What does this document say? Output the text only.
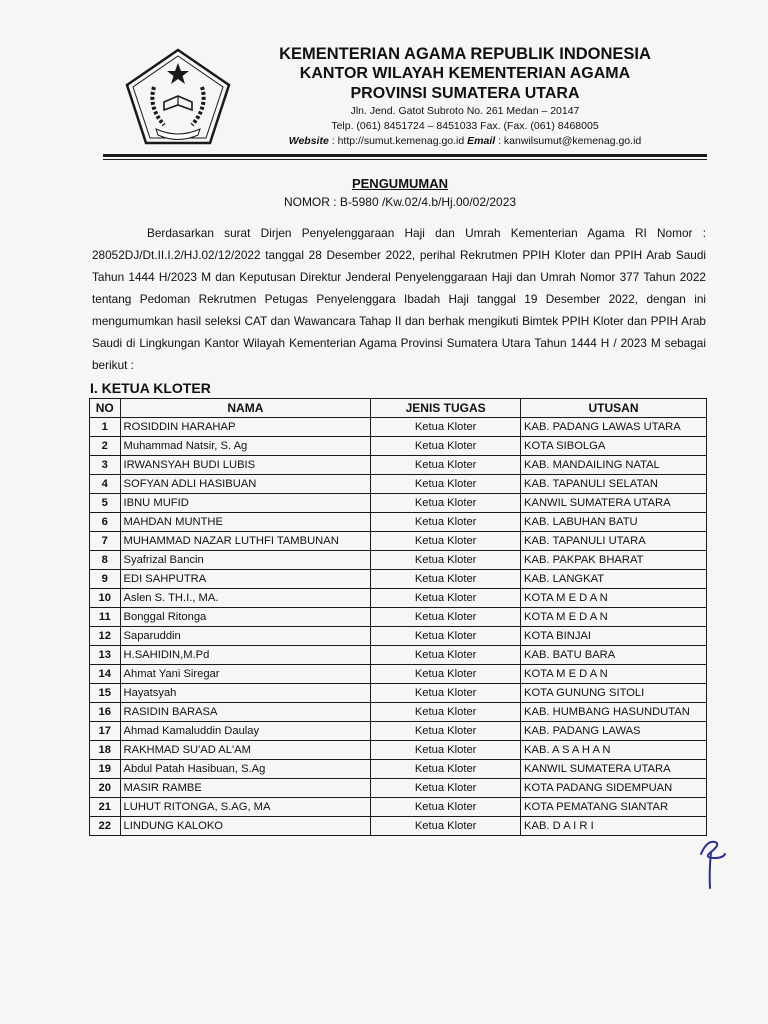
KEMENTERIAN AGAMA REPUBLIK INDONESIA
KANTOR WILAYAH KEMENTERIAN AGAMA
PROVINSI SUMATERA UTARA
Jln. Jend. Gatot Subroto No. 261 Medan – 20147
Telp. (061) 8451724 – 8451033 Fax. (Fax. (061) 8468005
Website : http://sumut.kemenag.go.id Email : kanwilsumut@kemenag.go.id
PENGUMUMAN
NOMOR : B-5980 /Kw.02/4.b/Hj.00/02/2023
Berdasarkan surat Dirjen Penyelenggaraan Haji dan Umrah Kementerian Agama RI Nomor : 28052DJ/Dt.II.I.2/HJ.02/12/2022 tanggal 28 Desember 2022, perihal Rekrutmen PPIH Kloter dan PPIH Arab Saudi Tahun 1444 H/2023 M dan Keputusan Direktur Jenderal Penyelenggaraan Haji dan Umrah Nomor 377 Tahun 2022 tentang Pedoman Rekrutmen Petugas Penyelenggara Ibadah Haji tanggal 19 Desember 2022, dengan ini mengumumkan hasil seleksi CAT dan Wawancara Tahap II dan berhak mengikuti Bimtek PPIH Kloter dan PPIH Arab Saudi di Lingkungan Kantor Wilayah Kementerian Agama Provinsi Sumatera Utara Tahun 1444 H / 2023 M sebagai berikut :
I. KETUA KLOTER
NO	NAMA	JENIS TUGAS	UTUSAN
1	ROSIDDIN HARAHAP	Ketua Kloter	KAB. PADANG LAWAS UTARA
2	Muhammad Natsir, S. Ag	Ketua Kloter	KOTA SIBOLGA
3	IRWANSYAH BUDI LUBIS	Ketua Kloter	KAB. MANDAILING NATAL
4	SOFYAN ADLI HASIBUAN	Ketua Kloter	KAB. TAPANULI SELATAN
5	IBNU MUFID	Ketua Kloter	KANWIL SUMATERA UTARA
6	MAHDAN MUNTHE	Ketua Kloter	KAB. LABUHAN BATU
7	MUHAMMAD NAZAR LUTHFI TAMBUNAN	Ketua Kloter	KAB. TAPANULI UTARA
8	Syafrizal Bancin	Ketua Kloter	KAB. PAKPAK BHARAT
9	EDI SAHPUTRA	Ketua Kloter	KAB. LANGKAT
10	Aslen S. TH.I., MA.	Ketua Kloter	KOTA M E D A N
11	Bonggal Ritonga	Ketua Kloter	KOTA M E D A N
12	Saparuddin	Ketua Kloter	KOTA BINJAI
13	H.SAHIDIN,M.Pd	Ketua Kloter	KAB. BATU BARA
14	Ahmat Yani Siregar	Ketua Kloter	KOTA M E D A N
15	Hayatsyah	Ketua Kloter	KOTA GUNUNG SITOLI
16	RASIDIN BARASA	Ketua Kloter	KAB. HUMBANG HASUNDUTAN
17	Ahmad Kamaluddin Daulay	Ketua Kloter	KAB. PADANG LAWAS
18	RAKHMAD SU'AD AL'AM	Ketua Kloter	KAB. A S A H A N
19	Abdul Patah Hasibuan, S.Ag	Ketua Kloter	KANWIL SUMATERA UTARA
20	MASIR RAMBE	Ketua Kloter	KOTA PADANG SIDEMPUAN
21	LUHUT RITONGA, S.AG, MA	Ketua Kloter	KOTA PEMATANG SIANTAR
22	LINDUNG KALOKO	Ketua Kloter	KAB. D A I R I
